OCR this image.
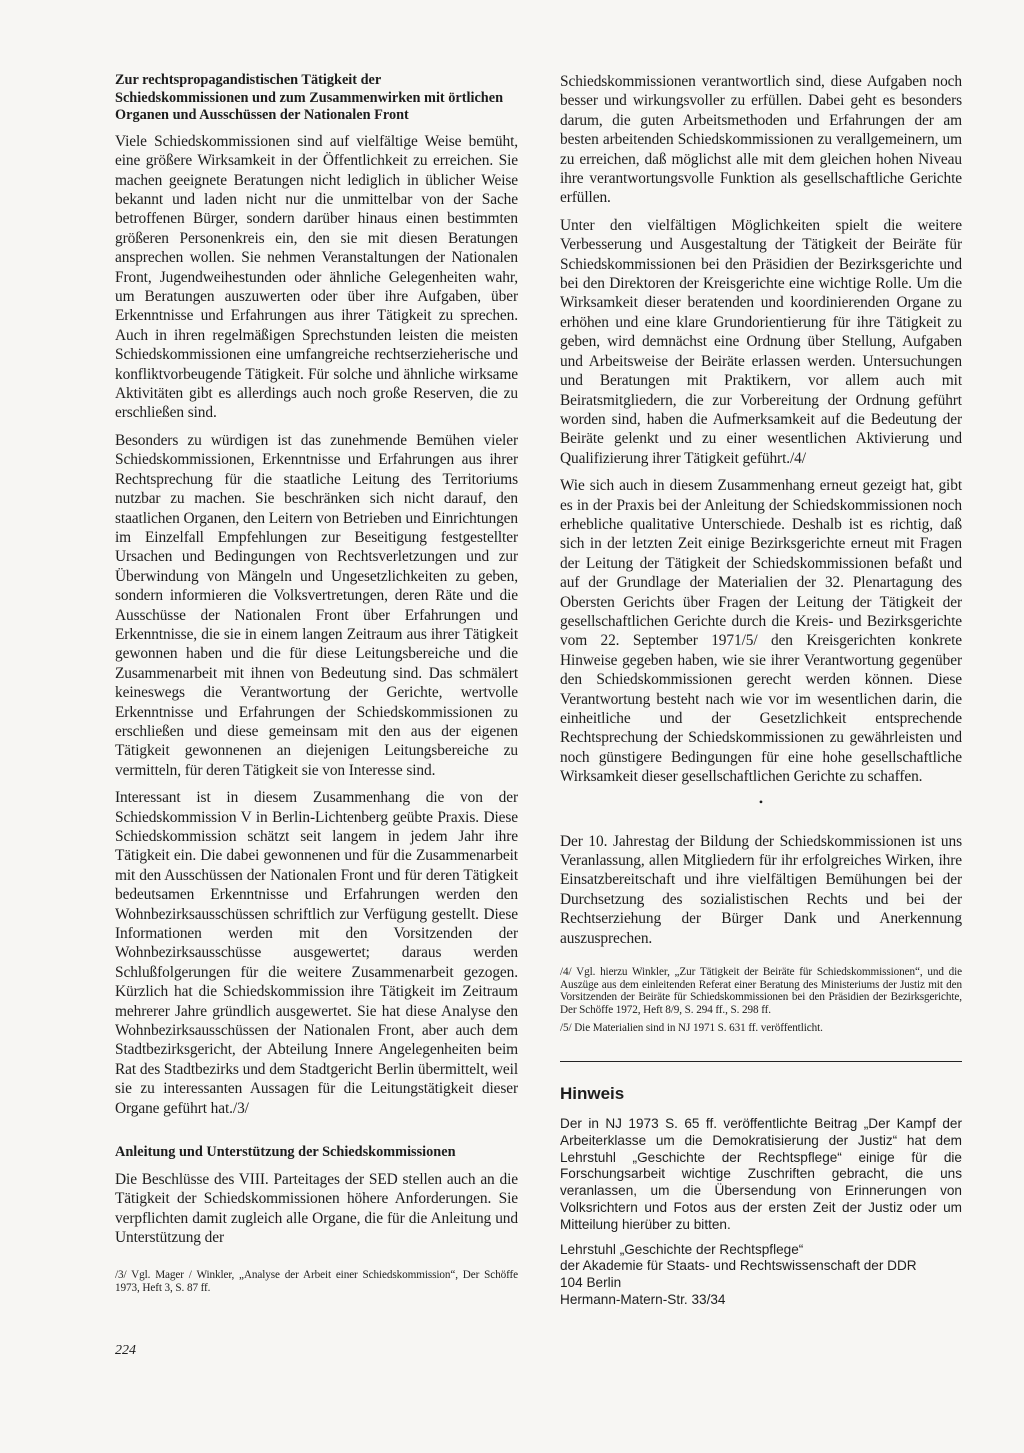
Zur rechtspropagandistischen Tätigkeit der Schiedskommissionen und zum Zusammenwirken mit örtlichen Organen und Ausschüssen der Nationalen Front

Viele Schiedskommissionen sind auf vielfältige Weise bemüht, eine größere Wirksamkeit in der Öffentlichkeit zu erreichen. Sie machen geeignete Beratungen nicht lediglich in üblicher Weise bekannt und laden nicht nur die unmittelbar von der Sache betroffenen Bürger, sondern darüber hinaus einen bestimmten größeren Personenkreis ein, den sie mit diesen Beratungen ansprechen wollen. Sie nehmen Veranstaltungen der Nationalen Front, Jugendweihestunden oder ähnliche Gelegenheiten wahr, um Beratungen auszuwerten oder über ihre Aufgaben, über Erkenntnisse und Erfahrungen aus ihrer Tätigkeit zu sprechen. Auch in ihren regelmäßigen Sprechstunden leisten die meisten Schiedskommissionen eine umfangreiche rechtserzieherische und konfliktvorbeugende Tätigkeit. Für solche und ähnliche wirksame Aktivitäten gibt es allerdings auch noch große Reserven, die zu erschließen sind.

Besonders zu würdigen ist das zunehmende Bemühen vieler Schiedskommissionen, Erkenntnisse und Erfahrungen aus ihrer Rechtsprechung für die staatliche Leitung des Territoriums nutzbar zu machen. Sie beschränken sich nicht darauf, den staatlichen Organen, den Leitern von Betrieben und Einrichtungen im Einzelfall Empfehlungen zur Beseitigung festgestellter Ursachen und Bedingungen von Rechtsverletzungen und zur Überwindung von Mängeln und Ungesetzlichkeiten zu geben, sondern informieren die Volksvertretungen, deren Räte und die Ausschüsse der Nationalen Front über Erfahrungen und Erkenntnisse, die sie in einem langen Zeitraum aus ihrer Tätigkeit gewonnen haben und die für diese Leitungsbereiche und die Zusammenarbeit mit ihnen von Bedeutung sind. Das schmälert keineswegs die Verantwortung der Gerichte, wertvolle Erkenntnisse und Erfahrungen der Schiedskommissionen zu erschließen und diese gemeinsam mit den aus der eigenen Tätigkeit gewonnenen an diejenigen Leitungsbereiche zu vermitteln, für deren Tätigkeit sie von Interesse sind.

Interessant ist in diesem Zusammenhang die von der Schiedskommission V in Berlin-Lichtenberg geübte Praxis. Diese Schiedskommission schätzt seit langem in jedem Jahr ihre Tätigkeit ein. Die dabei gewonnenen und für die Zusammenarbeit mit den Ausschüssen der Nationalen Front und für deren Tätigkeit bedeutsamen Erkenntnisse und Erfahrungen werden den Wohnbezirksausschüssen schriftlich zur Verfügung gestellt. Diese Informationen werden mit den Vorsitzenden der Wohnbezirksausschüsse ausgewertet; daraus werden Schlußfolgerungen für die weitere Zusammenarbeit gezogen. Kürzlich hat die Schiedskommission ihre Tätigkeit im Zeitraum mehrerer Jahre gründlich ausgewertet. Sie hat diese Analyse den Wohnbezirksausschüssen der Nationalen Front, aber auch dem Stadtbezirksgericht, der Abteilung Innere Angelegenheiten beim Rat des Stadtbezirks und dem Stadtgericht Berlin übermittelt, weil sie zu interessanten Aussagen für die Leitungstätigkeit dieser Organe geführt hat./3/

Anleitung und Unterstützung der Schiedskommissionen

Die Beschlüsse des VIII. Parteitages der SED stellen auch an die Tätigkeit der Schiedskommissionen höhere Anforderungen. Sie verpflichten damit zugleich alle Organe, die für die Anleitung und Unterstützung der

/3/ Vgl. Mager / Winkler, „Analyse der Arbeit einer Schiedskommission“, Der Schöffe 1973, Heft 3, S. 87 ff.

Schiedskommissionen verantwortlich sind, diese Aufgaben noch besser und wirkungsvoller zu erfüllen. Dabei geht es besonders darum, die guten Arbeitsmethoden und Erfahrungen der am besten arbeitenden Schiedskommissionen zu verallgemeinern, um zu erreichen, daß möglichst alle mit dem gleichen hohen Niveau ihre verantwortungsvolle Funktion als gesellschaftliche Gerichte erfüllen.

Unter den vielfältigen Möglichkeiten spielt die weitere Verbesserung und Ausgestaltung der Tätigkeit der Beiräte für Schiedskommissionen bei den Präsidien der Bezirksgerichte und bei den Direktoren der Kreisgerichte eine wichtige Rolle. Um die Wirksamkeit dieser beratenden und koordinierenden Organe zu erhöhen und eine klare Grundorientierung für ihre Tätigkeit zu geben, wird demnächst eine Ordnung über Stellung, Aufgaben und Arbeitsweise der Beiräte erlassen werden. Untersuchungen und Beratungen mit Praktikern, vor allem auch mit Beiratsmitgliedern, die zur Vorbereitung der Ordnung geführt worden sind, haben die Aufmerksamkeit auf die Bedeutung der Beiräte gelenkt und zu einer wesentlichen Aktivierung und Qualifizierung ihrer Tätigkeit geführt./4/

Wie sich auch in diesem Zusammenhang erneut gezeigt hat, gibt es in der Praxis bei der Anleitung der Schiedskommissionen noch erhebliche qualitative Unterschiede. Deshalb ist es richtig, daß sich in der letzten Zeit einige Bezirksgerichte erneut mit Fragen der Leitung der Tätigkeit der Schiedskommissionen befaßt und auf der Grundlage der Materialien der 32. Plenartagung des Obersten Gerichts über Fragen der Leitung der Tätigkeit der gesellschaftlichen Gerichte durch die Kreis- und Bezirksgerichte vom 22. September 1971/5/ den Kreisgerichten konkrete Hinweise gegeben haben, wie sie ihrer Verantwortung gegenüber den Schiedskommissionen gerecht werden können. Diese Verantwortung besteht nach wie vor im wesentlichen darin, die einheitliche und der Gesetzlichkeit entsprechende Rechtsprechung der Schiedskommissionen zu gewährleisten und noch günstigere Bedingungen für eine hohe gesellschaftliche Wirksamkeit dieser gesellschaftlichen Gerichte zu schaffen.

•

Der 10. Jahrestag der Bildung der Schiedskommissionen ist uns Veranlassung, allen Mitgliedern für ihr erfolgreiches Wirken, ihre Einsatzbereitschaft und ihre vielfältigen Bemühungen bei der Durchsetzung des sozialistischen Rechts und bei der Rechtserziehung der Bürger Dank und Anerkennung auszusprechen.

/4/ Vgl. hierzu Winkler, „Zur Tätigkeit der Beiräte für Schiedskommissionen“, und die Auszüge aus dem einleitenden Referat einer Beratung des Ministeriums der Justiz mit den Vorsitzenden der Beiräte für Schiedskommissionen bei den Präsidien der Bezirksgerichte, Der Schöffe 1972, Heft 8/9, S. 294 ff., S. 298 ff.

/5/ Die Materialien sind in NJ 1971 S. 631 ff. veröffentlicht.

Hinweis

Der in NJ 1973 S. 65 ff. veröffentlichte Beitrag „Der Kampf der Arbeiterklasse um die Demokratisierung der Justiz“ hat dem Lehrstuhl „Geschichte der Rechtspflege“ einige für die Forschungsarbeit wichtige Zuschriften gebracht, die uns veranlassen, um die Übersendung von Erinnerungen von Volksrichtern und Fotos aus der ersten Zeit der Justiz oder um Mitteilung hierüber zu bitten.

Lehrstuhl „Geschichte der Rechtspflege“

der Akademie für Staats- und Rechtswissenschaft der DDR

104 Berlin

Hermann-Matern-Str. 33/34

224
